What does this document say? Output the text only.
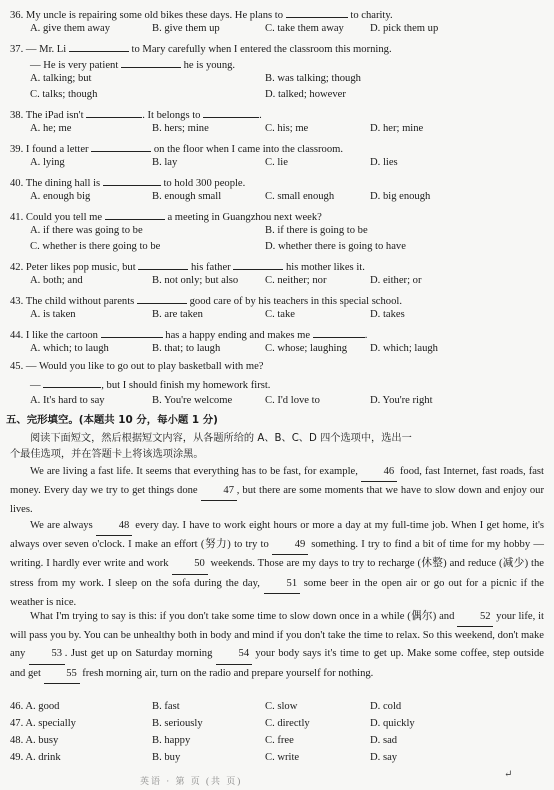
36. My uncle is repairing some old bikes these days. He plans to	to charity.
A. give them away	B. give them up	C. take them away D. pick them up
37. — Mr. Li	to Mary carefully when I entered the classroom this morning.
— He is very patient	he is young.
A. talking; but	B. was talking; though
C. talks; though	D. talked; however
38. The iPad isn't	. It belongs to	.
A. he; me	B. hers; mine	C. his; me	D. her; mine
39. I found a letter	on the floor when I came into the classroom.
A. lying	B. lay	C. lie	D. lies
40. The dining hall is	to hold 300 people.
A. enough big	B. enough small	C. small enough	D. big enough
41. Could you tell me	a meeting in Guangzhou next week?
A. if there was going to be	B. if there is going to be
C. whether is there going to be	D. whether there is going to have
42. Peter likes pop music, but	his father	his mother likes it.
A. both; and	B. not only; but also	C. neither; nor	D. either; or
43. The child without parents	good care of by his teachers in this special school.
A. is taken	B. are taken	C. take	D. takes
44. I like the cartoon	has a happy ending and makes me	.
A. which; to laugh	B. that; to laugh	C. whose; laughing D. which; laugh
45. — Would you like to go out to play basketball with me?
—	, but I should finish my homework first.
A. It's hard to say	B. You're welcome	C. I'd love to	D. You're right
五、完形填空。(本题共 10 分，每小题 1 分)
阅读下面短文，然后根据短文内容，从各题所给的 A、B、C、D 四个选项中，选出一
个最佳选项，并在答题卡上将该选项涂黑。
We are living a fast life. It seems that everything has to be fast, for example, 46 food, fast Internet, fast roads, fast money. Every day we try to get things done 47 , but there are some moments that we have to slow down and enjoy our lives.
We are always 48 every day. I have to work eight hours or more a day at my full-time job. When I get home, it's always over seven o'clock. I make an effort (努力) to try to 49 something. I try to find a bit of time for my hobby — writing. I hardly ever write and work 50 weekends. Those are my days to try to recharge (休整) and reduce (减少) the stress from my work. I sleep on the sofa during the day,	51 some beer in the open air or go out for a picnic if the weather is nice.
What I'm trying to say is this: if you don't take some time to slow down once in a while (偶尔) and 52 your life, it will pass you by. You can be unhealthy both in body and mind if you don't take the time to relax. So this weekend, don't make any 53 . Just get up on Saturday morning 54 your body says it's time to get up. Make some coffee, step outside and get 55 fresh morning air, turn on the radio and prepare yourself for nothing.
46. A. good	B. fast	C. slow	D. cold
47. A. specially	B. seriously	C. directly	D. quickly
48. A. busy	B. happy	C. free	D. sad
49. A. drink	B. buy	C. write	D. say
英语 · 第 页 (共 页)
↵
